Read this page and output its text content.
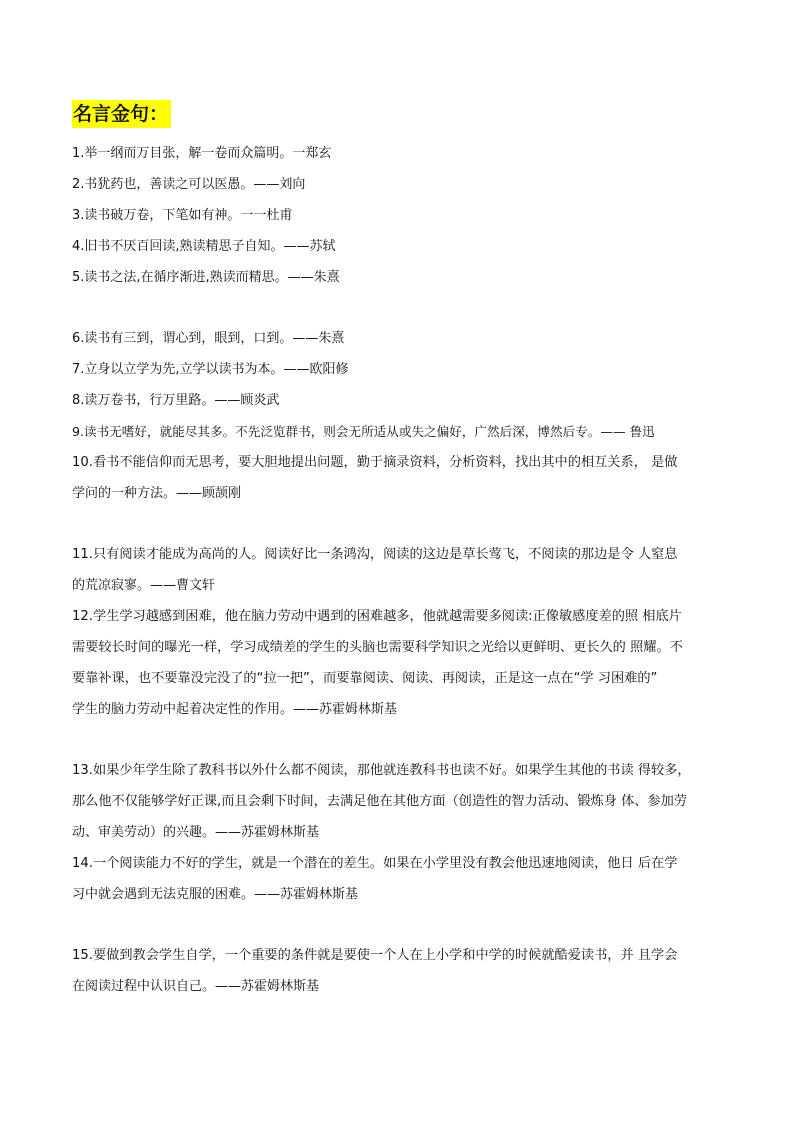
名言金句：
1.举一纲而万目张，解一卷而众篇明。一郑玄
2.书犹药也，善读之可以医愚。——刘向
3.读书破万卷，下笔如有神。一一杜甫
4.旧书不厌百回读,熟读精思子自知。——苏轼
5.读书之法,在循序渐进,熟读而精思。——朱熹
6.读书有三到，谓心到，眼到，口到。——朱熹
7.立身以立学为先,立学以读书为本。——欧阳修
8.读万卷书，行万里路。——顾炎武
9.读书无嗜好，就能尽其多。不先泛览群书，则会无所适从或失之偏好，广然后深，博然后专。—— 鲁迅
10.看书不能信仰而无思考，要大胆地提出问题，勤于摘录资料，分析资料，找出其中的相互关系， 是做
学问的一种方法。——顾颉刚
11.只有阅读才能成为高尚的人。阅读好比一条鸿沟，阅读的这边是草长莺飞，不阅读的那边是令 人窒息
的荒凉寂寥。——曹文轩
12.学生学习越感到困难，他在脑力劳动中遇到的困难越多，他就越需要多阅读:正像敏感度差的照 相底片
需要较长时间的曝光一样，学习成绩差的学生的头脑也需要科学知识之光给以更鲜明、更长久的 照耀。不
要靠补课，也不要靠没完没了的“拉一把”，而要靠阅读、阅读、再阅读，正是这一点在“学 习困难的”
学生的脑力劳动中起着决定性的作用。——苏霍姆林斯基
13.如果少年学生除了教科书以外什么都不阅读，那他就连教科书也读不好。如果学生其他的书读 得较多，
那么他不仅能够学好正课,而且会剩下时间，去满足他在其他方面（创造性的智力活动、锻炼身 体、参加劳
动、审美劳动）的兴趣。——苏霍姆林斯基
14.一个阅读能力不好的学生，就是一个潜在的差生。如果在小学里没有教会他迅速地阅读，他日 后在学
习中就会遇到无法克服的困难。——苏霍姆林斯基
15.要做到教会学生自学，一个重要的条件就是要使一个人在上小学和中学的时候就酷爱读书，并 且学会
在阅读过程中认识自己。——苏霍姆林斯基
